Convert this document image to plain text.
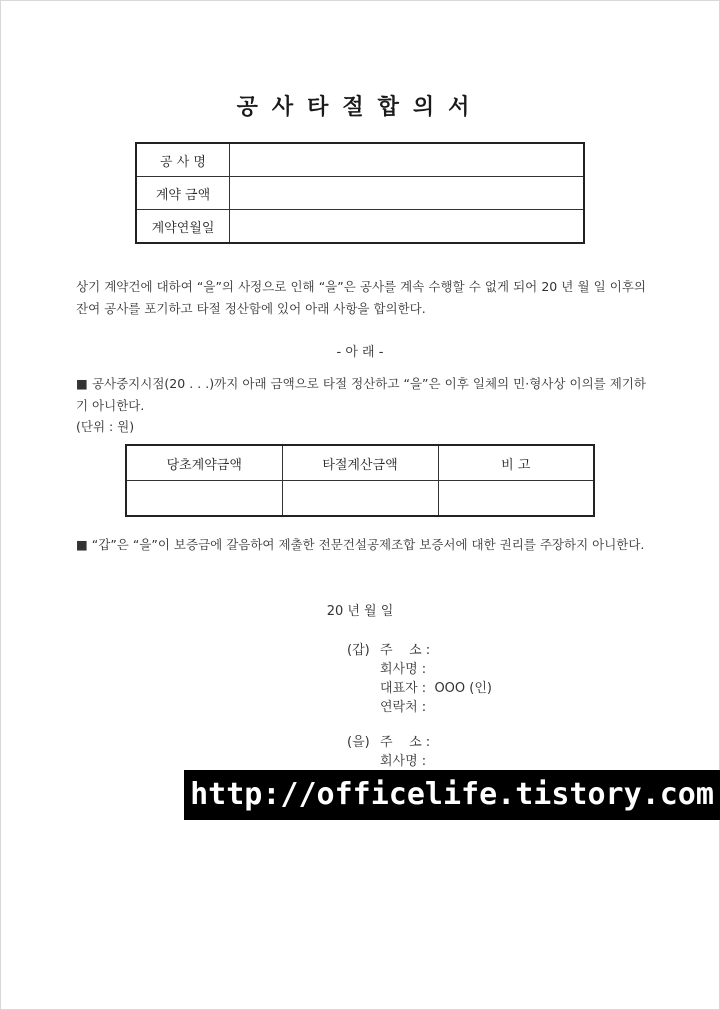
공사타절합의서
공 사 명	
계약 금액	
계약연월일	
상기 계약건에 대하여 “을”의 사정으로 인해 “을”은 공사를 계속 수행할 수 없게 되어 20 년 월 일 이후의 잔여 공사를 포기하고 타절 정산함에 있어 아래 사항을 합의한다.
- 아 래 -
■ 공사중지시점(20 . . .)까지 아래 금액으로 타절 정산하고 “을”은 이후 일체의 민·형사상 이의를 제기하기 아니한다.
(단위 : 원)
당초계약금액	타절계산금액	비 고

■ “갑”은 “을”이 보증금에 갈음하여 제출한 전문건설공제조합 보증서에 대한 권리를 주장하지 아니한다.
20 년 월 일
(갑) 주    소 :
회사명 :
대표자 :  OOO (인)
연락처 :
(을) 주    소 :
회사명 :
http://officelife.tistory.com
